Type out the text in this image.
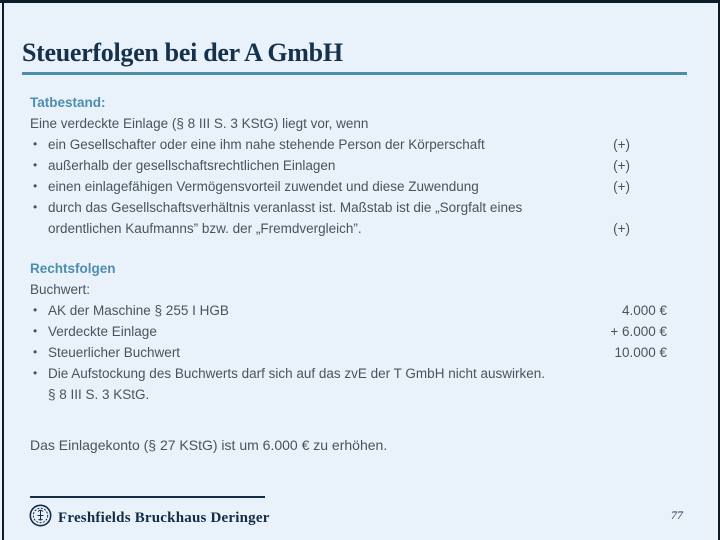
Steuerfolgen bei der A GmbH
Tatbestand:
Eine verdeckte Einlage (§ 8 III S. 3 KStG) liegt vor, wenn
• ein Gesellschafter oder eine ihm nahe stehende Person der Körperschaft	(+)
• außerhalb der gesellschaftsrechtlichen Einlagen	(+)
• einen einlagefähigen Vermögensvorteil zuwendet und diese Zuwendung	(+)
• durch das Gesellschaftsverhältnis veranlasst ist. Maßstab ist die „Sorgfalt eines
ordentlichen Kaufmanns” bzw. der „Fremdvergleich”.	(+)
Rechtsfolgen
Buchwert:
• AK der Maschine § 255 I HGB	4.000 €
• Verdeckte Einlage	+ 6.000 €
• Steuerlicher Buchwert	10.000 €
• Die Aufstockung des Buchwerts darf sich auf das zvE der T GmbH nicht auswirken.
§ 8 III S. 3 KStG.
Das Einlagekonto (§ 27 KStG) ist um 6.000 € zu erhöhen.
Freshfields Bruckhaus Deringer	77
